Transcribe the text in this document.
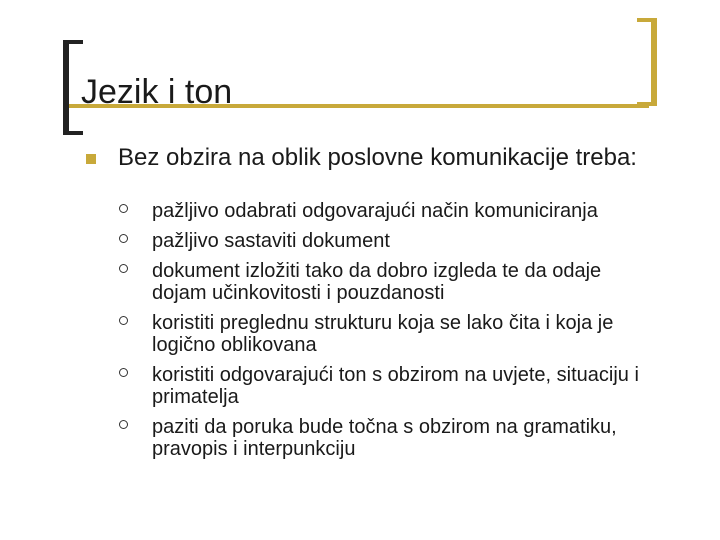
Jezik i ton
Bez obzira na oblik poslovne komunikacije treba:
pažljivo odabrati odgovarajući način komuniciranja
pažljivo sastaviti dokument
dokument izložiti tako da dobro izgleda te da odaje dojam učinkovitosti i pouzdanosti
koristiti preglednu strukturu koja se lako čita i koja je logično oblikovana
koristiti odgovarajući ton s obzirom na uvjete, situaciju i primatelja
paziti da poruka bude točna s obzirom na gramatiku, pravopis i interpunkciju
